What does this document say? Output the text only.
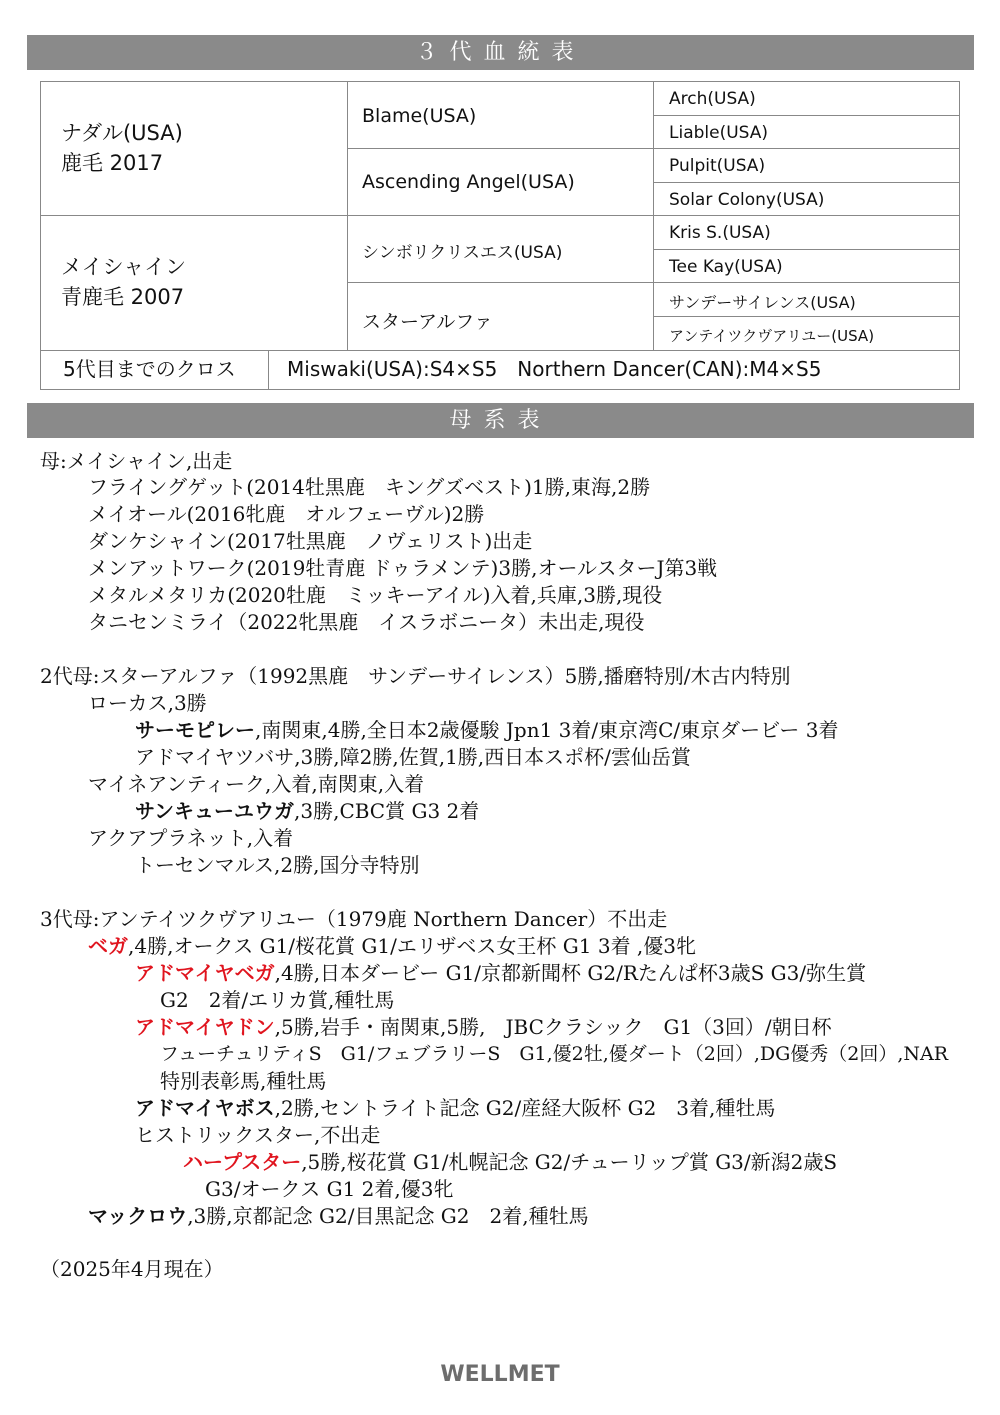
３代血統表
ナダル(USA)
鹿毛 2017
メイシャイン
青鹿毛 2007
Blame(USA)
Ascending Angel(USA)
シンボリクリスエス(USA)
スターアルファ
Arch(USA)
Liable(USA)
Pulpit(USA)
Solar Colony(USA)
Kris S.(USA)
Tee Kay(USA)
サンデーサイレンス(USA)
アンテイツクヴアリユー(USA)
5代目までのクロス	Miswaki(USA):S4×S5　Northern Dancer(CAN):M4×S5
母系表
母:メイシャイン,出走
フライングゲット(2014牡黒鹿　キングズベスト)1勝,東海,2勝
メイオール(2016牝鹿　オルフェーヴル)2勝
ダンケシャイン(2017牡黒鹿　ノヴェリスト)出走
メンアットワーク(2019牡青鹿 ドゥラメンテ)3勝,オールスターJ第3戦
メタルメタリカ(2020牡鹿　ミッキーアイル)入着,兵庫,3勝,現役
タニセンミライ（2022牝黒鹿　イスラボニータ）未出走,現役
2代母:スターアルファ（1992黒鹿　サンデーサイレンス）5勝,播磨特別/木古内特別
ローカス,3勝
サーモピレー,南関東,4勝,全日本2歳優駿 Jpn1 3着/東京湾C/東京ダービー 3着
アドマイヤツバサ,3勝,障2勝,佐賀,1勝,西日本スポ杯/雲仙岳賞
マイネアンティーク,入着,南関東,入着
サンキューユウガ,3勝,CBC賞 G3 2着
アクアプラネット,入着
トーセンマルス,2勝,国分寺特別
3代母:アンテイツクヴアリユー（1979鹿 Northern Dancer）不出走
ベガ,4勝,オークス G1/桜花賞 G1/エリザベス女王杯 G1 3着 ,優3牝
アドマイヤベガ,4勝,日本ダービー G1/京都新聞杯 G2/Rたんぱ杯3歳S G3/弥生賞
G2　2着/エリカ賞,種牡馬
アドマイヤドン,5勝,岩手・南関東,5勝,　JBCクラシック　G1（3回）/朝日杯
フューチュリティS　G1/フェブラリーS　G1,優2牡,優ダート（2回）,DG優秀（2回）,NAR
特別表彰馬,種牡馬
アドマイヤボス,2勝,セントライト記念 G2/産経大阪杯 G2　3着,種牡馬
ヒストリックスター,不出走
ハープスター,5勝,桜花賞 G1/札幌記念 G2/チューリップ賞 G3/新潟2歳S
G3/オークス G1 2着,優3牝
マックロウ,3勝,京都記念 G2/目黒記念 G2　2着,種牡馬
（2025年4月現在）
WELLMET
